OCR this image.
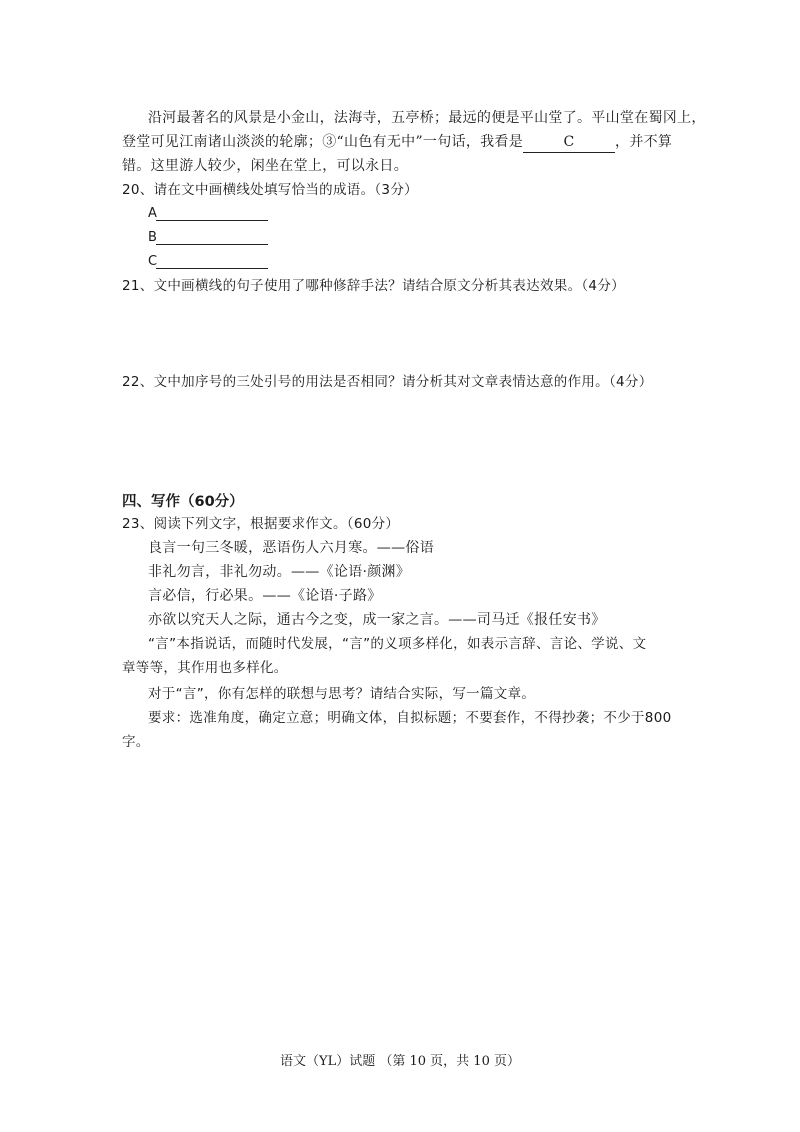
沿河最著名的风景是小金山，法海寺，五亭桥；最远的便是平山堂了。平山堂在蜀冈上，
登堂可见江南诸山淡淡的轮廓；③“山色有无中”一句话，我看是	C	，并不算
错。这里游人较少，闲坐在堂上，可以永日。
20、请在文中画横线处填写恰当的成语。（3分）
A
B
C
21、文中画横线的句子使用了哪种修辞手法？请结合原文分析其表达效果。（4分）
22、文中加序号的三处引号的用法是否相同？请分析其对文章表情达意的作用。（4分）
四、写作（60分）
23、阅读下列文字，根据要求作文。（60分）
良言一句三冬暖，恶语伤人六月寒。——俗语
非礼勿言，非礼勿动。——《论语·颜渊》
言必信，行必果。——《论语·子路》
亦欲以究天人之际，通古今之变，成一家之言。——司马迁《报任安书》
“言”本指说话，而随时代发展，“言”的义项多样化，如表示言辞、言论、学说、文
章等等，其作用也多样化。
对于“言”，你有怎样的联想与思考？请结合实际，写一篇文章。
要求：选准角度，确定立意；明确文体，自拟标题；不要套作，不得抄袭；不少于800
字。
语文（YL）试题 （第 10 页，共 10 页）
